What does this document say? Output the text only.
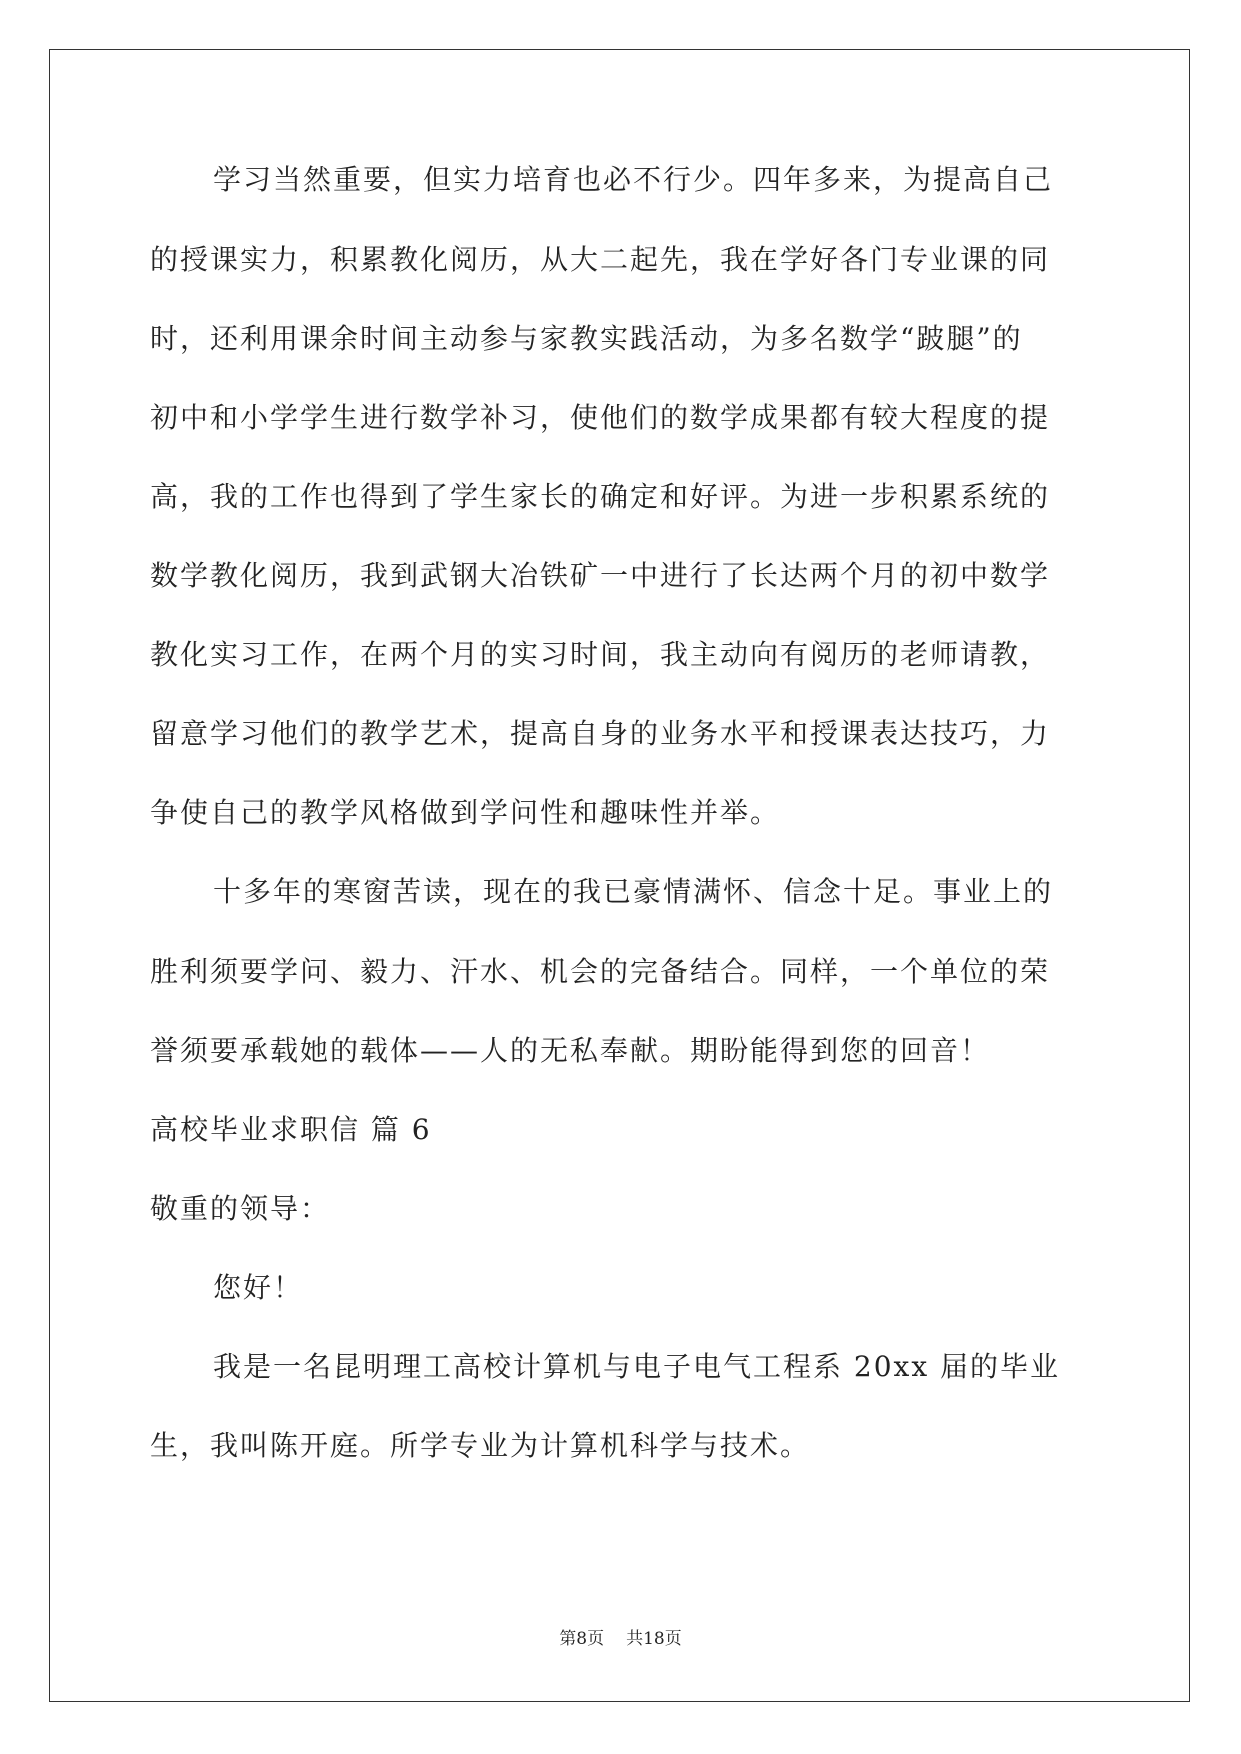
学习当然重要，但实力培育也必不行少。四年多来，为提高自己
的授课实力，积累教化阅历，从大二起先，我在学好各门专业课的同
时，还利用课余时间主动参与家教实践活动，为多名数学“跛腿”的
初中和小学学生进行数学补习，使他们的数学成果都有较大程度的提
高，我的工作也得到了学生家长的确定和好评。为进一步积累系统的
数学教化阅历，我到武钢大冶铁矿一中进行了长达两个月的初中数学
教化实习工作，在两个月的实习时间，我主动向有阅历的老师请教，
留意学习他们的教学艺术，提高自身的业务水平和授课表达技巧，力
争使自己的教学风格做到学问性和趣味性并举。
十多年的寒窗苦读，现在的我已豪情满怀、信念十足。事业上的
胜利须要学问、毅力、汗水、机会的完备结合。同样，一个单位的荣
誉须要承载她的载体——人的无私奉献。期盼能得到您的回音！
高校毕业求职信 篇 6
敬重的领导：
您好！
我是一名昆明理工高校计算机与电子电气工程系 20xx 届的毕业
生，我叫陈开庭。所学专业为计算机科学与技术。
第8页 共18页
